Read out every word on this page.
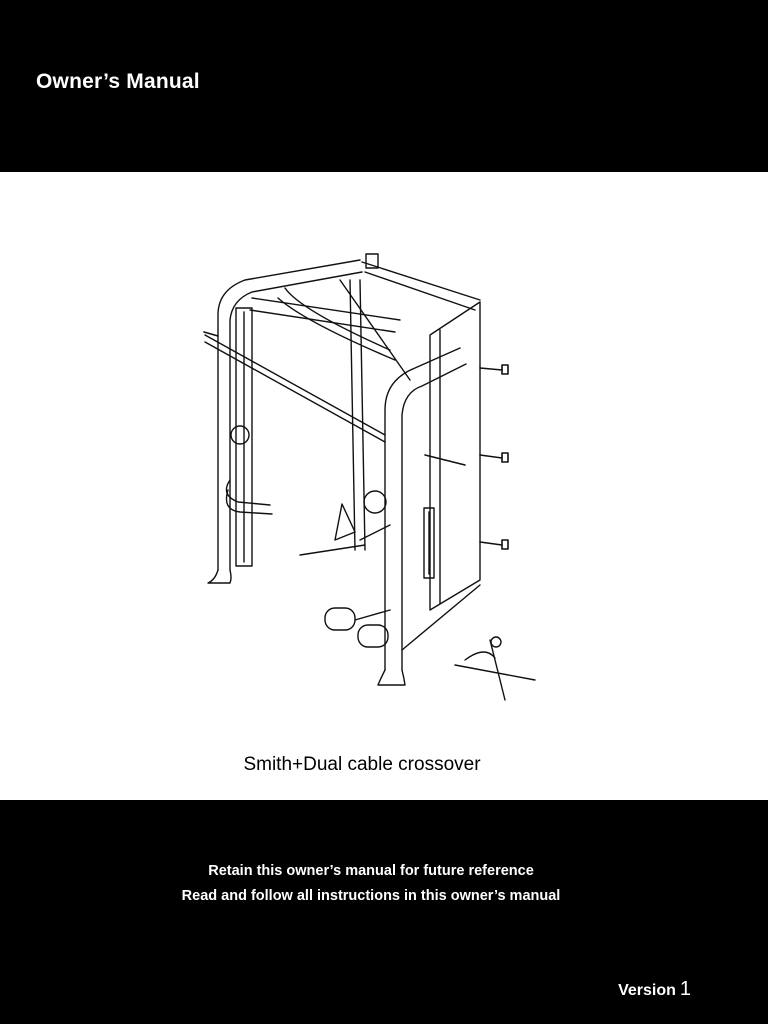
Owner’s Manual
Smith+Dual cable crossover
Retain this owner’s manual for future reference
Read and follow all instructions in this owner’s manual
Version 1
